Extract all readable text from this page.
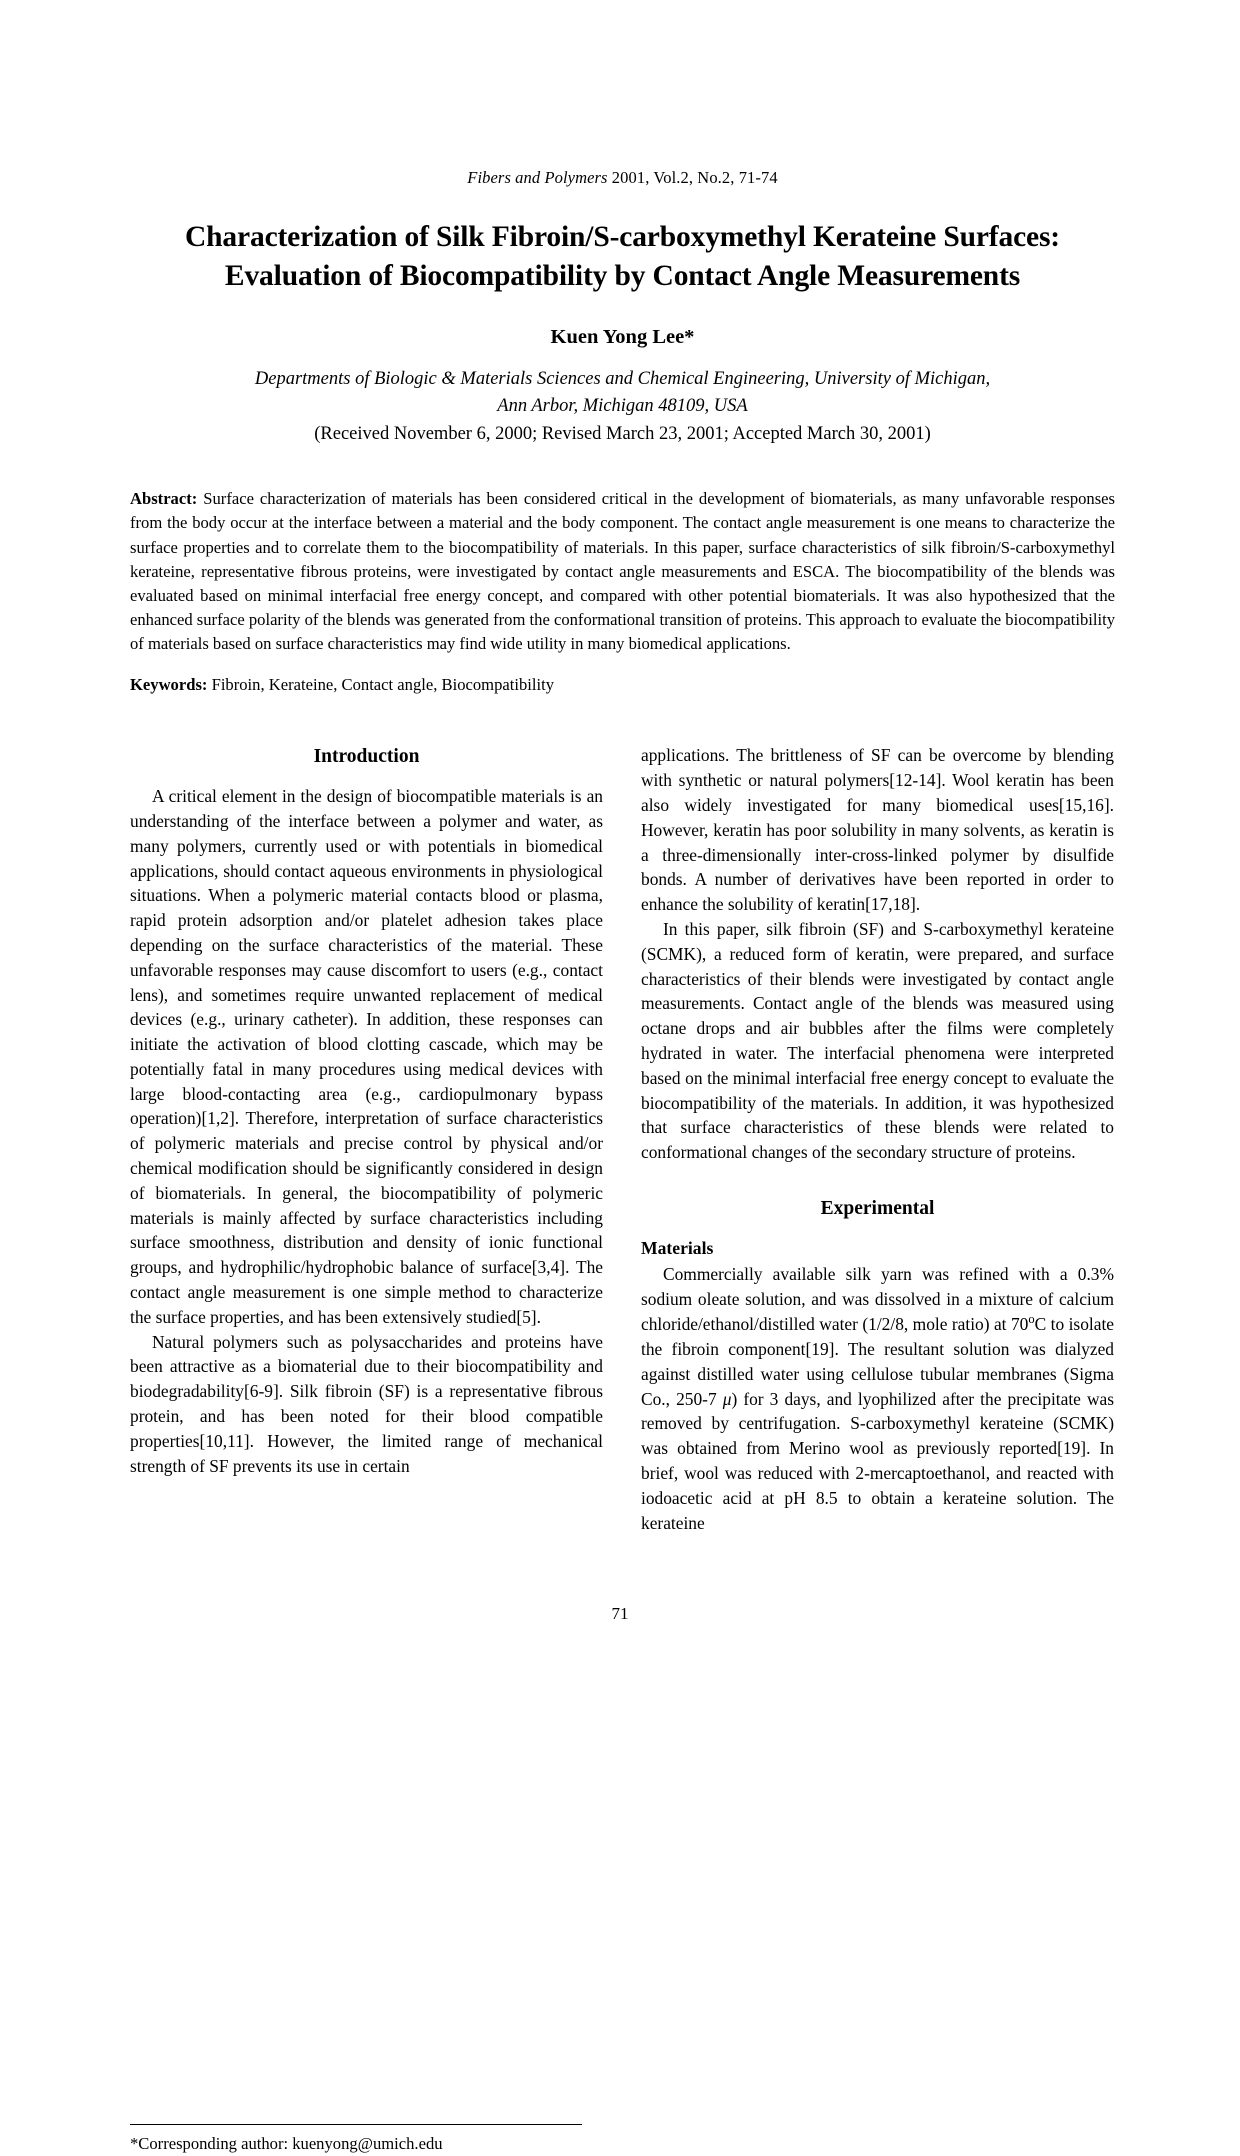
Fibers and Polymers 2001, Vol.2, No.2, 71-74
Characterization of Silk Fibroin/S-carboxymethyl Kerateine Surfaces:
Evaluation of Biocompatibility by Contact Angle Measurements
Kuen Yong Lee*
Departments of Biologic & Materials Sciences and Chemical Engineering, University of Michigan,
Ann Arbor, Michigan 48109, USA
(Received November 6, 2000; Revised March 23, 2001; Accepted March 30, 2001)
Abstract: Surface characterization of materials has been considered critical in the development of biomaterials, as many unfavorable responses from the body occur at the interface between a material and the body component. The contact angle measurement is one means to characterize the surface properties and to correlate them to the biocompatibility of materials. In this paper, surface characteristics of silk fibroin/S-carboxymethyl kerateine, representative fibrous proteins, were investigated by contact angle measurements and ESCA. The biocompatibility of the blends was evaluated based on minimal interfacial free energy concept, and compared with other potential biomaterials. It was also hypothesized that the enhanced surface polarity of the blends was generated from the conformational transition of proteins. This approach to evaluate the biocompatibility of materials based on surface characteristics may find wide utility in many biomedical applications.
Keywords: Fibroin, Kerateine, Contact angle, Biocompatibility
Introduction

A critical element in the design of biocompatible materials is an understanding of the interface between a polymer and water, as many polymers, currently used or with potentials in biomedical applications, should contact aqueous environments in physiological situations. When a polymeric material contacts blood or plasma, rapid protein adsorption and/or platelet adhesion takes place depending on the surface characteristics of the material. These unfavorable responses may cause discomfort to users (e.g., contact lens), and sometimes require unwanted replacement of medical devices (e.g., urinary catheter). In addition, these responses can initiate the activation of blood clotting cascade, which may be potentially fatal in many procedures using medical devices with large blood-contacting area (e.g., cardiopulmonary bypass operation)[1,2]. Therefore, interpretation of surface characteristics of polymeric materials and precise control by physical and/or chemical modification should be significantly considered in design of biomaterials. In general, the biocompatibility of polymeric materials is mainly affected by surface characteristics including surface smoothness, distribution and density of ionic functional groups, and hydrophilic/hydrophobic balance of surface[3,4]. The contact angle measurement is one simple method to characterize the surface properties, and has been extensively studied[5].

Natural polymers such as polysaccharides and proteins have been attractive as a biomaterial due to their biocompatibility and biodegradability[6-9]. Silk fibroin (SF) is a representative fibrous protein, and has been noted for their blood compatible properties[10,11]. However, the limited range of mechanical strength of SF prevents its use in certain

*Corresponding author: kuenyong@umich.edu

applications. The brittleness of SF can be overcome by blending with synthetic or natural polymers[12-14]. Wool keratin has been also widely investigated for many biomedical uses[15,16]. However, keratin has poor solubility in many solvents, as keratin is a three-dimensionally inter-cross-linked polymer by disulfide bonds. A number of derivatives have been reported in order to enhance the solubility of keratin[17,18].

In this paper, silk fibroin (SF) and S-carboxymethyl kerateine (SCMK), a reduced form of keratin, were prepared, and surface characteristics of their blends were investigated by contact angle measurements. Contact angle of the blends was measured using octane drops and air bubbles after the films were completely hydrated in water. The interfacial phenomena were interpreted based on the minimal interfacial free energy concept to evaluate the biocompatibility of the materials. In addition, it was hypothesized that surface characteristics of these blends were related to conformational changes of the secondary structure of proteins.

Experimental
Materials

Commercially available silk yarn was refined with a 0.3% sodium oleate solution, and was dissolved in a mixture of calcium chloride/ethanol/distilled water (1/2/8, mole ratio) at 70$^o$C to isolate the fibroin component[19]. The resultant solution was dialyzed against distilled water using cellulose tubular membranes (Sigma Co., 250-7 μ) for 3 days, and lyophilized after the precipitate was removed by centrifugation. S-carboxymethyl kerateine (SCMK) was obtained from Merino wool as previously reported[19]. In brief, wool was reduced with 2-mercaptoethanol, and reacted with iodoacetic acid at pH 8.5 to obtain a kerateine solution. The kerateine

71
